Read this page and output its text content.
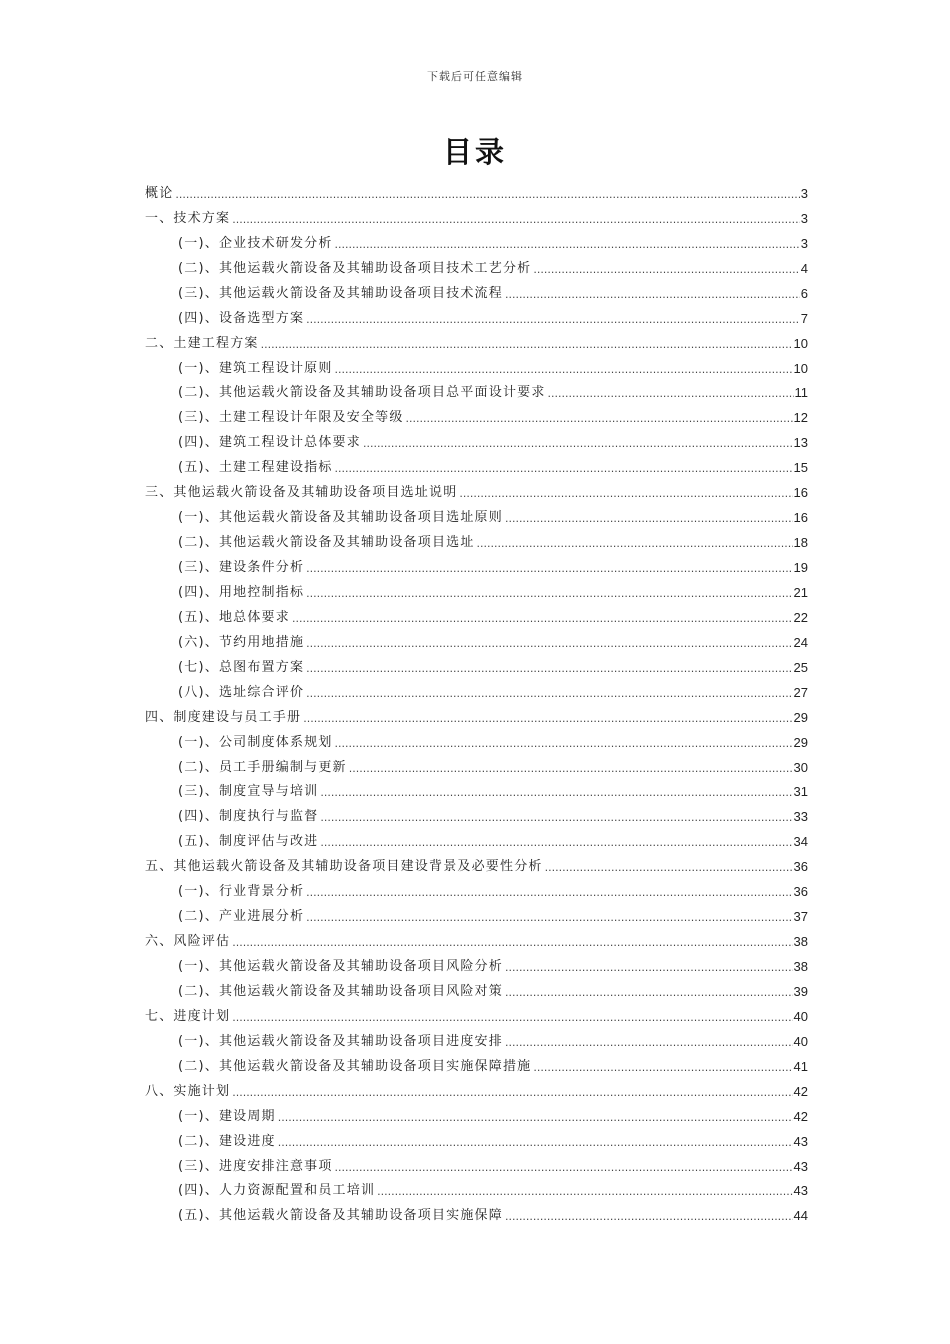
下载后可任意编辑
目录
概论 .....	3
一、技术方案 .....	3
(一)、企业技术研发分析 .....	3
(二)、其他运载火箭设备及其辅助设备项目技术工艺分析 .....	4
(三)、其他运载火箭设备及其辅助设备项目技术流程 .....	6
(四)、设备选型方案 .....	7
二、土建工程方案 .....	10
(一)、建筑工程设计原则 .....	10
(二)、其他运载火箭设备及其辅助设备项目总平面设计要求 .....	11
(三)、土建工程设计年限及安全等级 .....	12
(四)、建筑工程设计总体要求 .....	13
(五)、土建工程建设指标 .....	15
三、其他运载火箭设备及其辅助设备项目选址说明 .....	16
(一)、其他运载火箭设备及其辅助设备项目选址原则 .....	16
(二)、其他运载火箭设备及其辅助设备项目选址 .....	18
(三)、建设条件分析 .....	19
(四)、用地控制指标 .....	21
(五)、地总体要求 .....	22
(六)、节约用地措施 .....	24
(七)、总图布置方案 .....	25
(八)、选址综合评价 .....	27
四、制度建设与员工手册 .....	29
(一)、公司制度体系规划 .....	29
(二)、员工手册编制与更新 .....	30
(三)、制度宣导与培训 .....	31
(四)、制度执行与监督 .....	33
(五)、制度评估与改进 .....	34
五、其他运载火箭设备及其辅助设备项目建设背景及必要性分析 .....	36
(一)、行业背景分析 .....	36
(二)、产业进展分析 .....	37
六、风险评估 .....	38
(一)、其他运载火箭设备及其辅助设备项目风险分析 .....	38
(二)、其他运载火箭设备及其辅助设备项目风险对策 .....	39
七、进度计划 .....	40
(一)、其他运载火箭设备及其辅助设备项目进度安排 .....	40
(二)、其他运载火箭设备及其辅助设备项目实施保障措施 .....	41
八、实施计划 .....	42
(一)、建设周期 .....	42
(二)、建设进度 .....	43
(三)、进度安排注意事项 .....	43
(四)、人力资源配置和员工培训 .....	43
(五)、其他运载火箭设备及其辅助设备项目实施保障 .....	44
